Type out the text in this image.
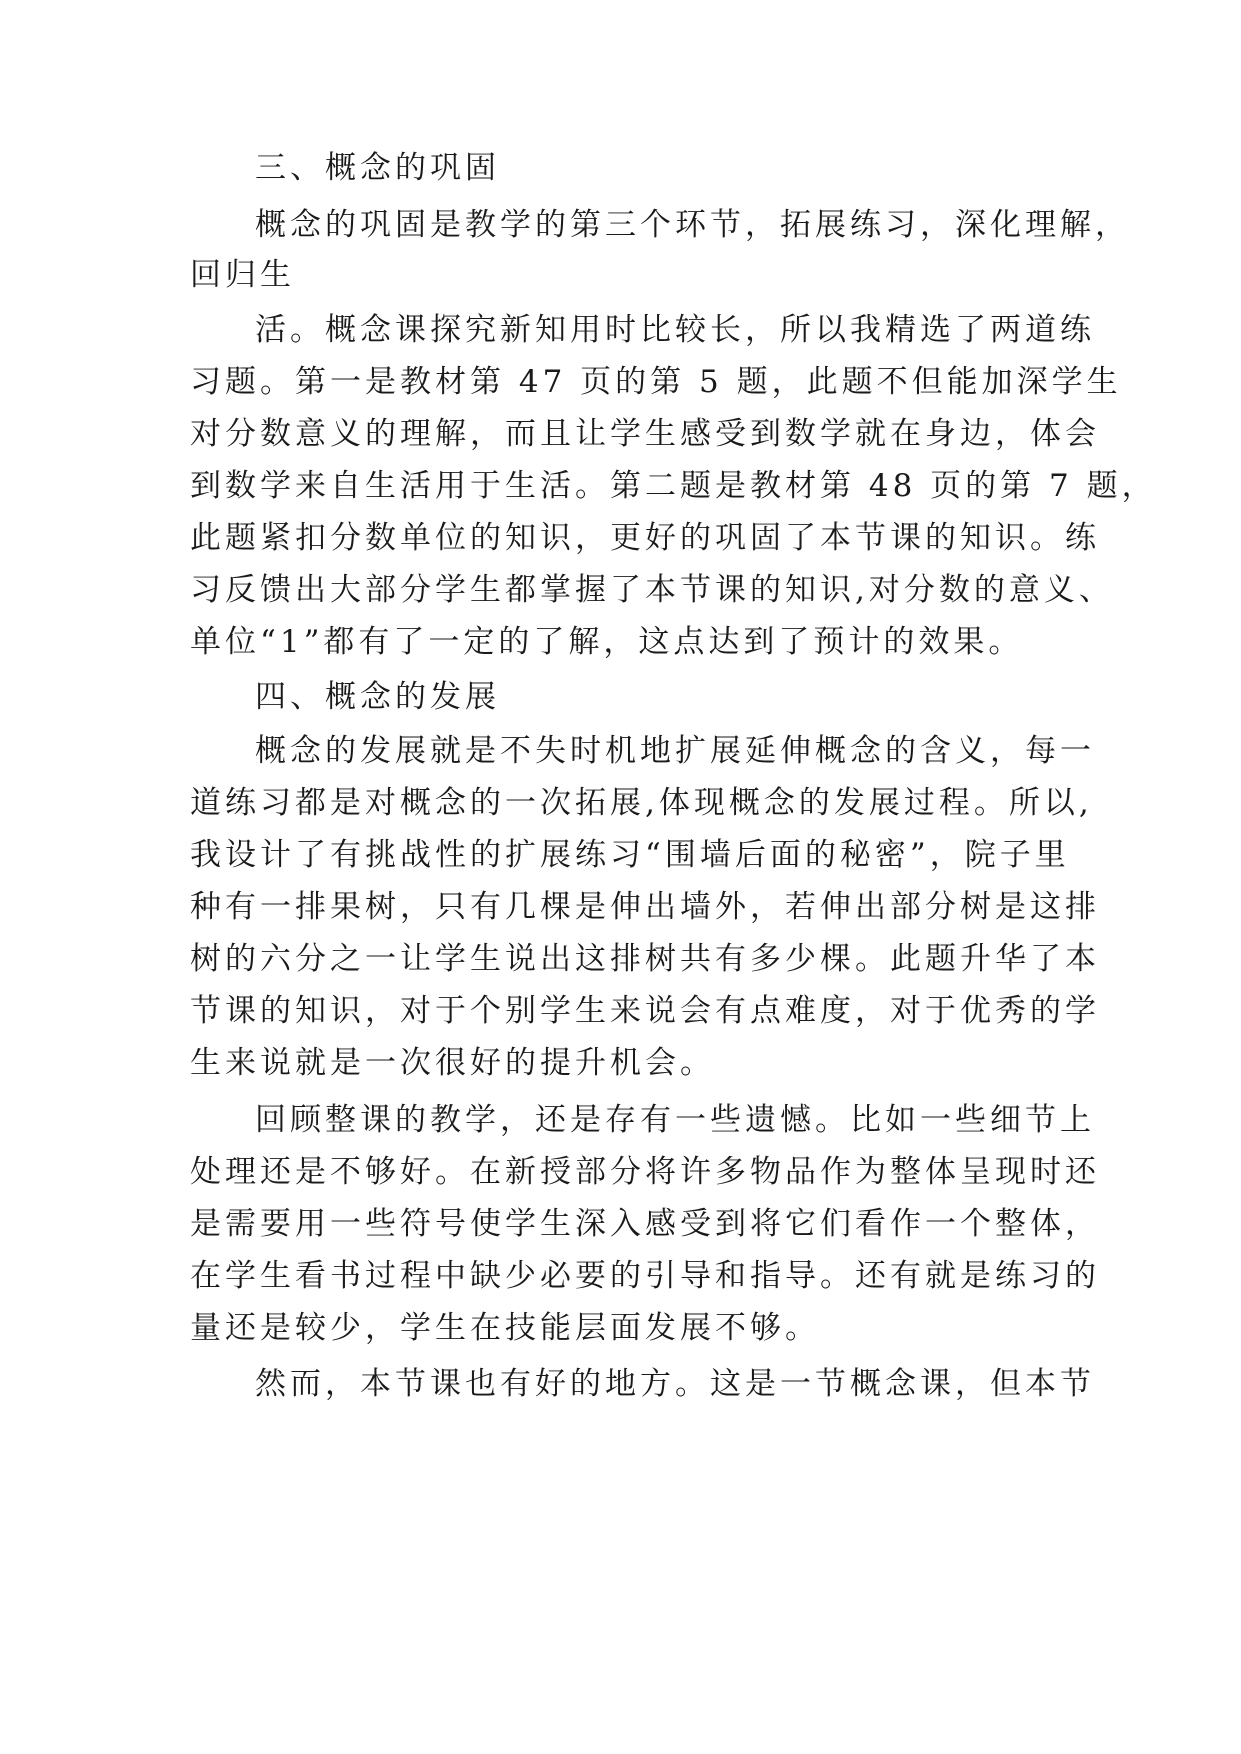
三、概念的巩固

概念的巩固是教学的第三个环节，拓展练习，深化理解，

回归生

活。概念课探究新知用时比较长，所以我精选了两道练

习题。第一是教材第 47 页的第 5 题，此题不但能加深学生

对分数意义的理解，而且让学生感受到数学就在身边，体会

到数学来自生活用于生活。第二题是教材第 48 页的第 7 题，

此题紧扣分数单位的知识，更好的巩固了本节课的知识。练

习反馈出大部分学生都掌握了本节课的知识,对分数的意义、

单位“1”都有了一定的了解，这点达到了预计的效果。

四、概念的发展

概念的发展就是不失时机地扩展延伸概念的含义，每一

道练习都是对概念的一次拓展,体现概念的发展过程。所以,

我设计了有挑战性的扩展练习“围墙后面的秘密”，院子里

种有一排果树，只有几棵是伸出墙外，若伸出部分树是这排

树的六分之一让学生说出这排树共有多少棵。此题升华了本

节课的知识，对于个别学生来说会有点难度，对于优秀的学

生来说就是一次很好的提升机会。

回顾整课的教学，还是存有一些遗憾。比如一些细节上

处理还是不够好。在新授部分将许多物品作为整体呈现时还

是需要用一些符号使学生深入感受到将它们看作一个整体，

在学生看书过程中缺少必要的引导和指导。还有就是练习的

量还是较少，学生在技能层面发展不够。

然而，本节课也有好的地方。这是一节概念课，但本节
